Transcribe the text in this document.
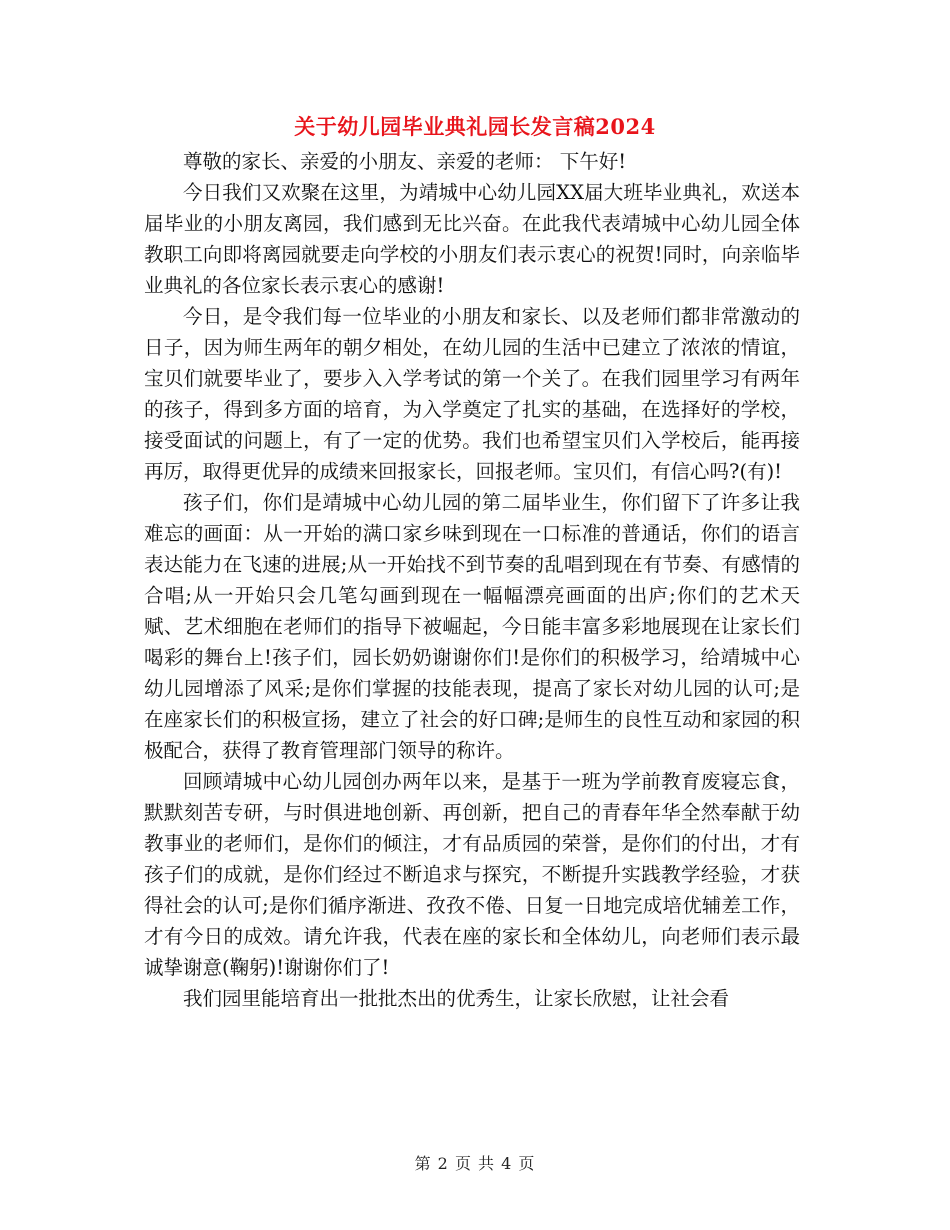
关于幼儿园毕业典礼园长发言稿2024

尊敬的家长、亲爱的小朋友、亲爱的老师： 下午好!

今日我们又欢聚在这里，为靖城中心幼儿园XX届大班毕业典礼，欢送本届毕业的小朋友离园，我们感到无比兴奋。在此我代表靖城中心幼儿园全体教职工向即将离园就要走向学校的小朋友们表示衷心的祝贺!同时，向亲临毕业典礼的各位家长表示衷心的感谢!

今日，是令我们每一位毕业的小朋友和家长、以及老师们都非常激动的日子，因为师生两年的朝夕相处，在幼儿园的生活中已建立了浓浓的情谊，宝贝们就要毕业了，要步入入学考试的第一个关了。在我们园里学习有两年的孩子，得到多方面的培育，为入学奠定了扎实的基础，在选择好的学校，接受面试的问题上，有了一定的优势。我们也希望宝贝们入学校后，能再接再厉，取得更优异的成绩来回报家长，回报老师。宝贝们，有信心吗?(有)!

孩子们，你们是靖城中心幼儿园的第二届毕业生，你们留下了许多让我难忘的画面：从一开始的满口家乡味到现在一口标准的普通话，你们的语言表达能力在飞速的进展;从一开始找不到节奏的乱唱到现在有节奏、有感情的合唱;从一开始只会几笔勾画到现在一幅幅漂亮画面的出庐;你们的艺术天赋、艺术细胞在老师们的指导下被崛起，今日能丰富多彩地展现在让家长们喝彩的舞台上!孩子们，园长奶奶谢谢你们!是你们的积极学习，给靖城中心幼儿园增添了风采;是你们掌握的技能表现，提高了家长对幼儿园的认可;是在座家长们的积极宣扬，建立了社会的好口碑;是师生的良性互动和家园的积极配合，获得了教育管理部门领导的称许。

回顾靖城中心幼儿园创办两年以来，是基于一班为学前教育废寝忘食，默默刻苦专研，与时俱进地创新、再创新，把自己的青春年华全然奉献于幼教事业的老师们，是你们的倾注，才有品质园的荣誉，是你们的付出，才有孩子们的成就，是你们经过不断追求与探究，不断提升实践教学经验，才获得社会的认可;是你们循序渐进、孜孜不倦、日复一日地完成培优辅差工作，才有今日的成效。请允许我，代表在座的家长和全体幼儿，向老师们表示最诚挚谢意(鞠躬)!谢谢你们了!

我们园里能培育出一批批杰出的优秀生，让家长欣慰，让社会看

第 2 页 共 4 页
